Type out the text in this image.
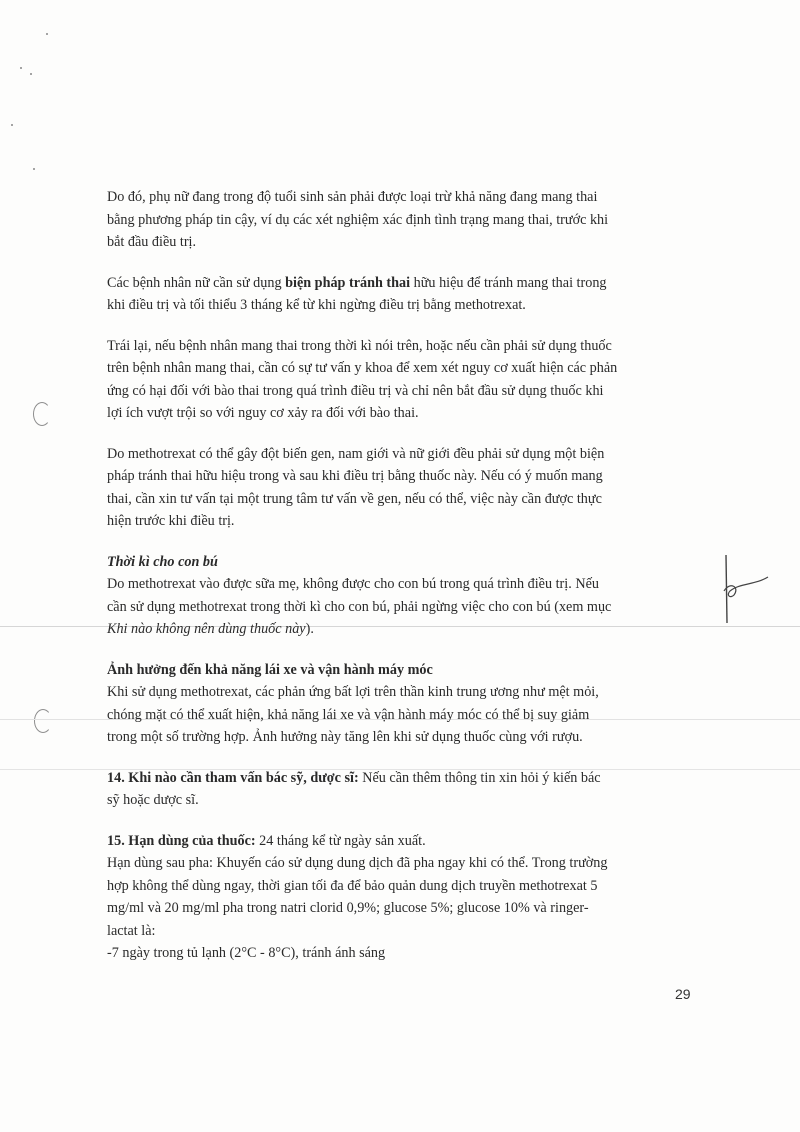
Do đó, phụ nữ đang trong độ tuổi sinh sản phải được loại trừ khả năng đang mang thai
bằng phương pháp tin cậy, ví dụ các xét nghiệm xác định tình trạng mang thai, trước khi
bắt đầu điều trị.

Các bệnh nhân nữ cần sử dụng biện pháp tránh thai hữu hiệu để tránh mang thai trong
khi điều trị và tối thiểu 3 tháng kể từ khi ngừng điều trị bằng methotrexat.

Trái lại, nếu bệnh nhân mang thai trong thời kì nói trên, hoặc nếu cần phải sử dụng thuốc
trên bệnh nhân mang thai, cần có sự tư vấn y khoa để xem xét nguy cơ xuất hiện các phản
ứng có hại đối với bào thai trong quá trình điều trị và chỉ nên bắt đầu sử dụng thuốc khi
lợi ích vượt trội so với nguy cơ xảy ra đối với bào thai.

Do methotrexat có thể gây đột biến gen, nam giới và nữ giới đều phải sử dụng một biện
pháp tránh thai hữu hiệu trong và sau khi điều trị bằng thuốc này. Nếu có ý muốn mang
thai, cần xin tư vấn tại một trung tâm tư vấn về gen, nếu có thể, việc này cần được thực
hiện trước khi điều trị.

Thời kì cho con bú
Do methotrexat vào được sữa mẹ, không được cho con bú trong quá trình điều trị. Nếu
cần sử dụng methotrexat trong thời kì cho con bú, phải ngừng việc cho con bú (xem mục
Khi nào không nên dùng thuốc này).
Ảnh hưởng đến khả năng lái xe và vận hành máy móc
Khi sử dụng methotrexat, các phản ứng bất lợi trên thần kinh trung ương như mệt mỏi,
chóng mặt có thể xuất hiện, khả năng lái xe và vận hành máy móc có thể bị suy giảm
trong một số trường hợp. Ảnh hưởng này tăng lên khi sử dụng thuốc cùng với rượu.
14. Khi nào cần tham vấn bác sỹ, dược sĩ: Nếu cần thêm thông tin xin hỏi ý kiến bác
sỹ hoặc dược sĩ.
15. Hạn dùng của thuốc: 24 tháng kể từ ngày sản xuất.
Hạn dùng sau pha: Khuyến cáo sử dụng dung dịch đã pha ngay khi có thể. Trong trường
hợp không thể dùng ngay, thời gian tối đa để bảo quản dung dịch truyền methotrexat 5
mg/ml và 20 mg/ml pha trong natri clorid 0,9%; glucose 5%; glucose 10% và ringer-
lactat là:
-7 ngày trong tủ lạnh (2°C - 8°C), tránh ánh sáng
29
